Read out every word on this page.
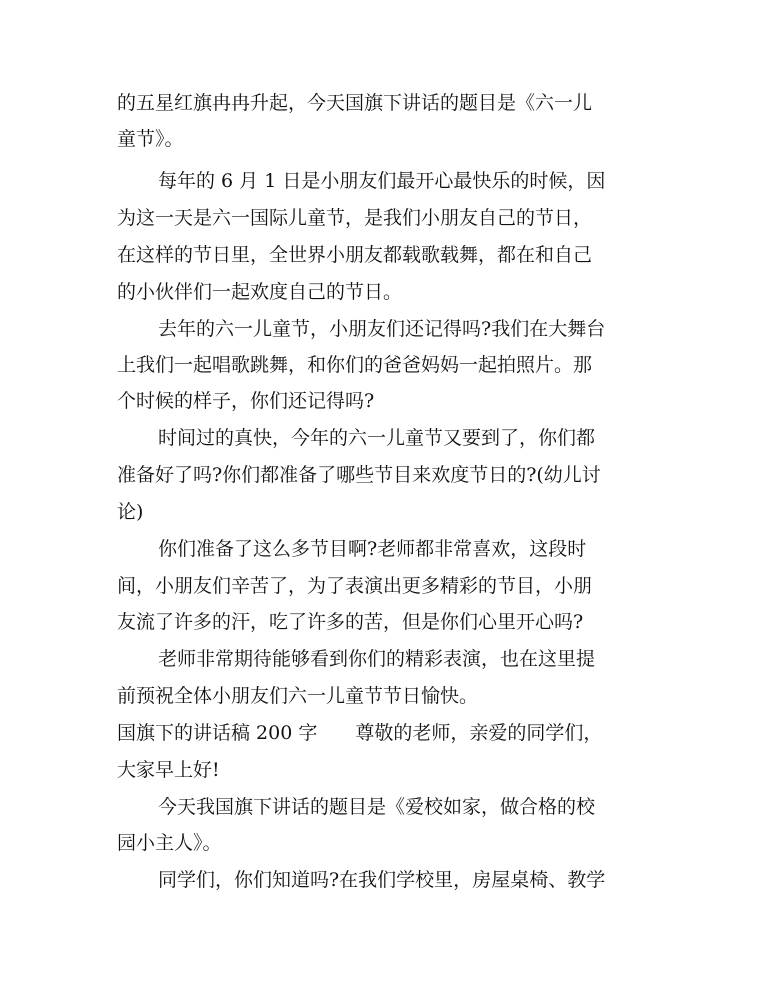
的五星红旗冉冉升起，今天国旗下讲话的题目是《六一儿
童节》。
每年的 6 月 1 日是小朋友们最开心最快乐的时候，因
为这一天是六一国际儿童节，是我们小朋友自己的节日，
在这样的节日里，全世界小朋友都载歌载舞，都在和自己
的小伙伴们一起欢度自己的节日。
去年的六一儿童节，小朋友们还记得吗?我们在大舞台
上我们一起唱歌跳舞，和你们的爸爸妈妈一起拍照片。那
个时候的样子，你们还记得吗?
时间过的真快，今年的六一儿童节又要到了，你们都
准备好了吗?你们都准备了哪些节目来欢度节日的?(幼儿讨
论)
你们准备了这么多节目啊?老师都非常喜欢，这段时
间，小朋友们辛苦了，为了表演出更多精彩的节目，小朋
友流了许多的汗，吃了许多的苦，但是你们心里开心吗?
老师非常期待能够看到你们的精彩表演，也在这里提
前预祝全体小朋友们六一儿童节节日愉快。
国旗下的讲话稿 200 字　　尊敬的老师，亲爱的同学们，
大家早上好!
今天我国旗下讲话的题目是《爱校如家，做合格的校
园小主人》。
同学们，你们知道吗?在我们学校里，房屋桌椅、教学
